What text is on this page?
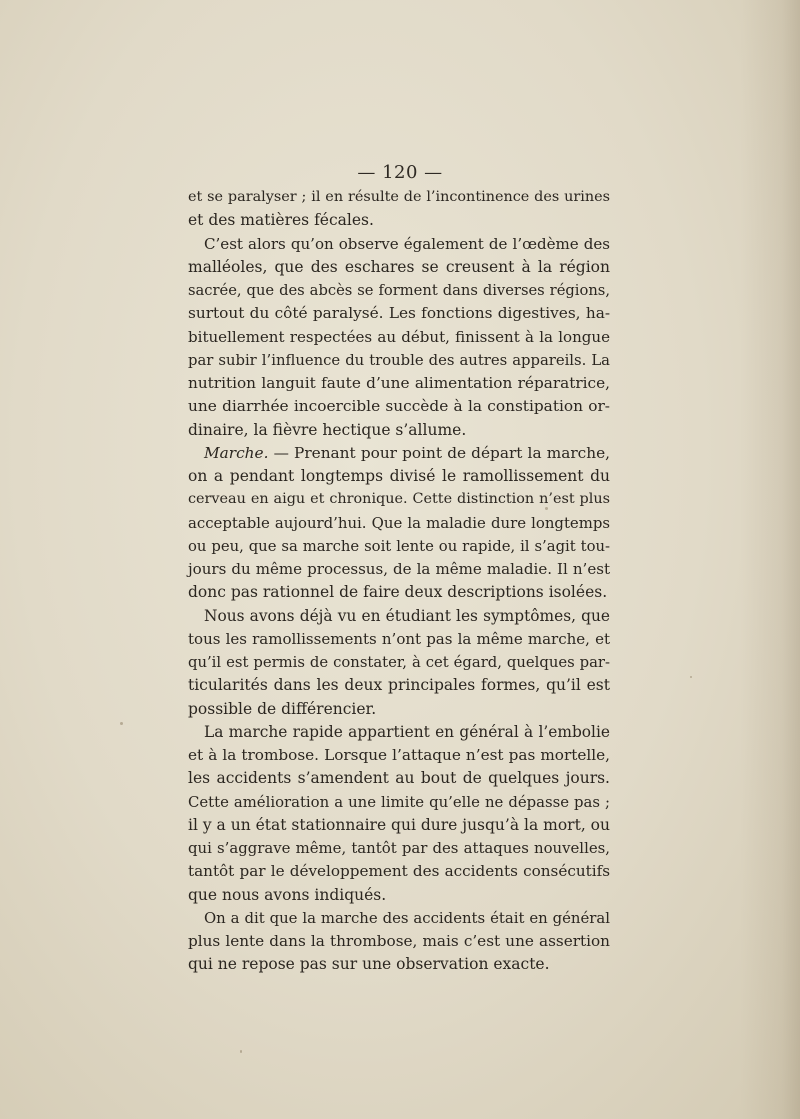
— 120 —

et se paralyser ; il en résulte de l’incontinence des urines
et des matières fécales.

C’est alors qu’on observe également de l’œdème des
malléoles, que des eschares se creusent à la région
sacrée, que des abcès se forment dans diverses régions,
surtout du côté paralysé. Les fonctions digestives, ha-
bituellement respectées au début, finissent à la longue
par subir l’influence du trouble des autres appareils. La
nutrition languit faute d’une alimentation réparatrice,
une diarrhée incoercible succède à la constipation or-
dinaire, la fièvre hectique s’allume.

Marche. — Prenant pour point de départ la marche,
on a pendant longtemps divisé le ramollissement du
cerveau en aigu et chronique. Cette distinction n’est plus
acceptable aujourd’hui. Que la maladie dure longtemps
ou peu, que sa marche soit lente ou rapide, il s’agit tou-
jours du même processus, de la même maladie. Il n’est
donc pas rationnel de faire deux descriptions isolées.

Nous avons déjà vu en étudiant les symptômes, que
tous les ramollissements n’ont pas la même marche, et
qu’il est permis de constater, à cet égard, quelques par-
ticularités dans les deux principales formes, qu’il est
possible de différencier.

La marche rapide appartient en général à l’embolie
et à la trombose. Lorsque l’attaque n’est pas mortelle,
les accidents s’amendent au bout de quelques jours.
Cette amélioration a une limite qu’elle ne dépasse pas ;
il y a un état stationnaire qui dure jusqu’à la mort, ou
qui s’aggrave même, tantôt par des attaques nouvelles,
tantôt par le développement des accidents consécutifs
que nous avons indiqués.

On a dit que la marche des accidents était en général
plus lente dans la thrombose, mais c’est une assertion
qui ne repose pas sur une observation exacte.
